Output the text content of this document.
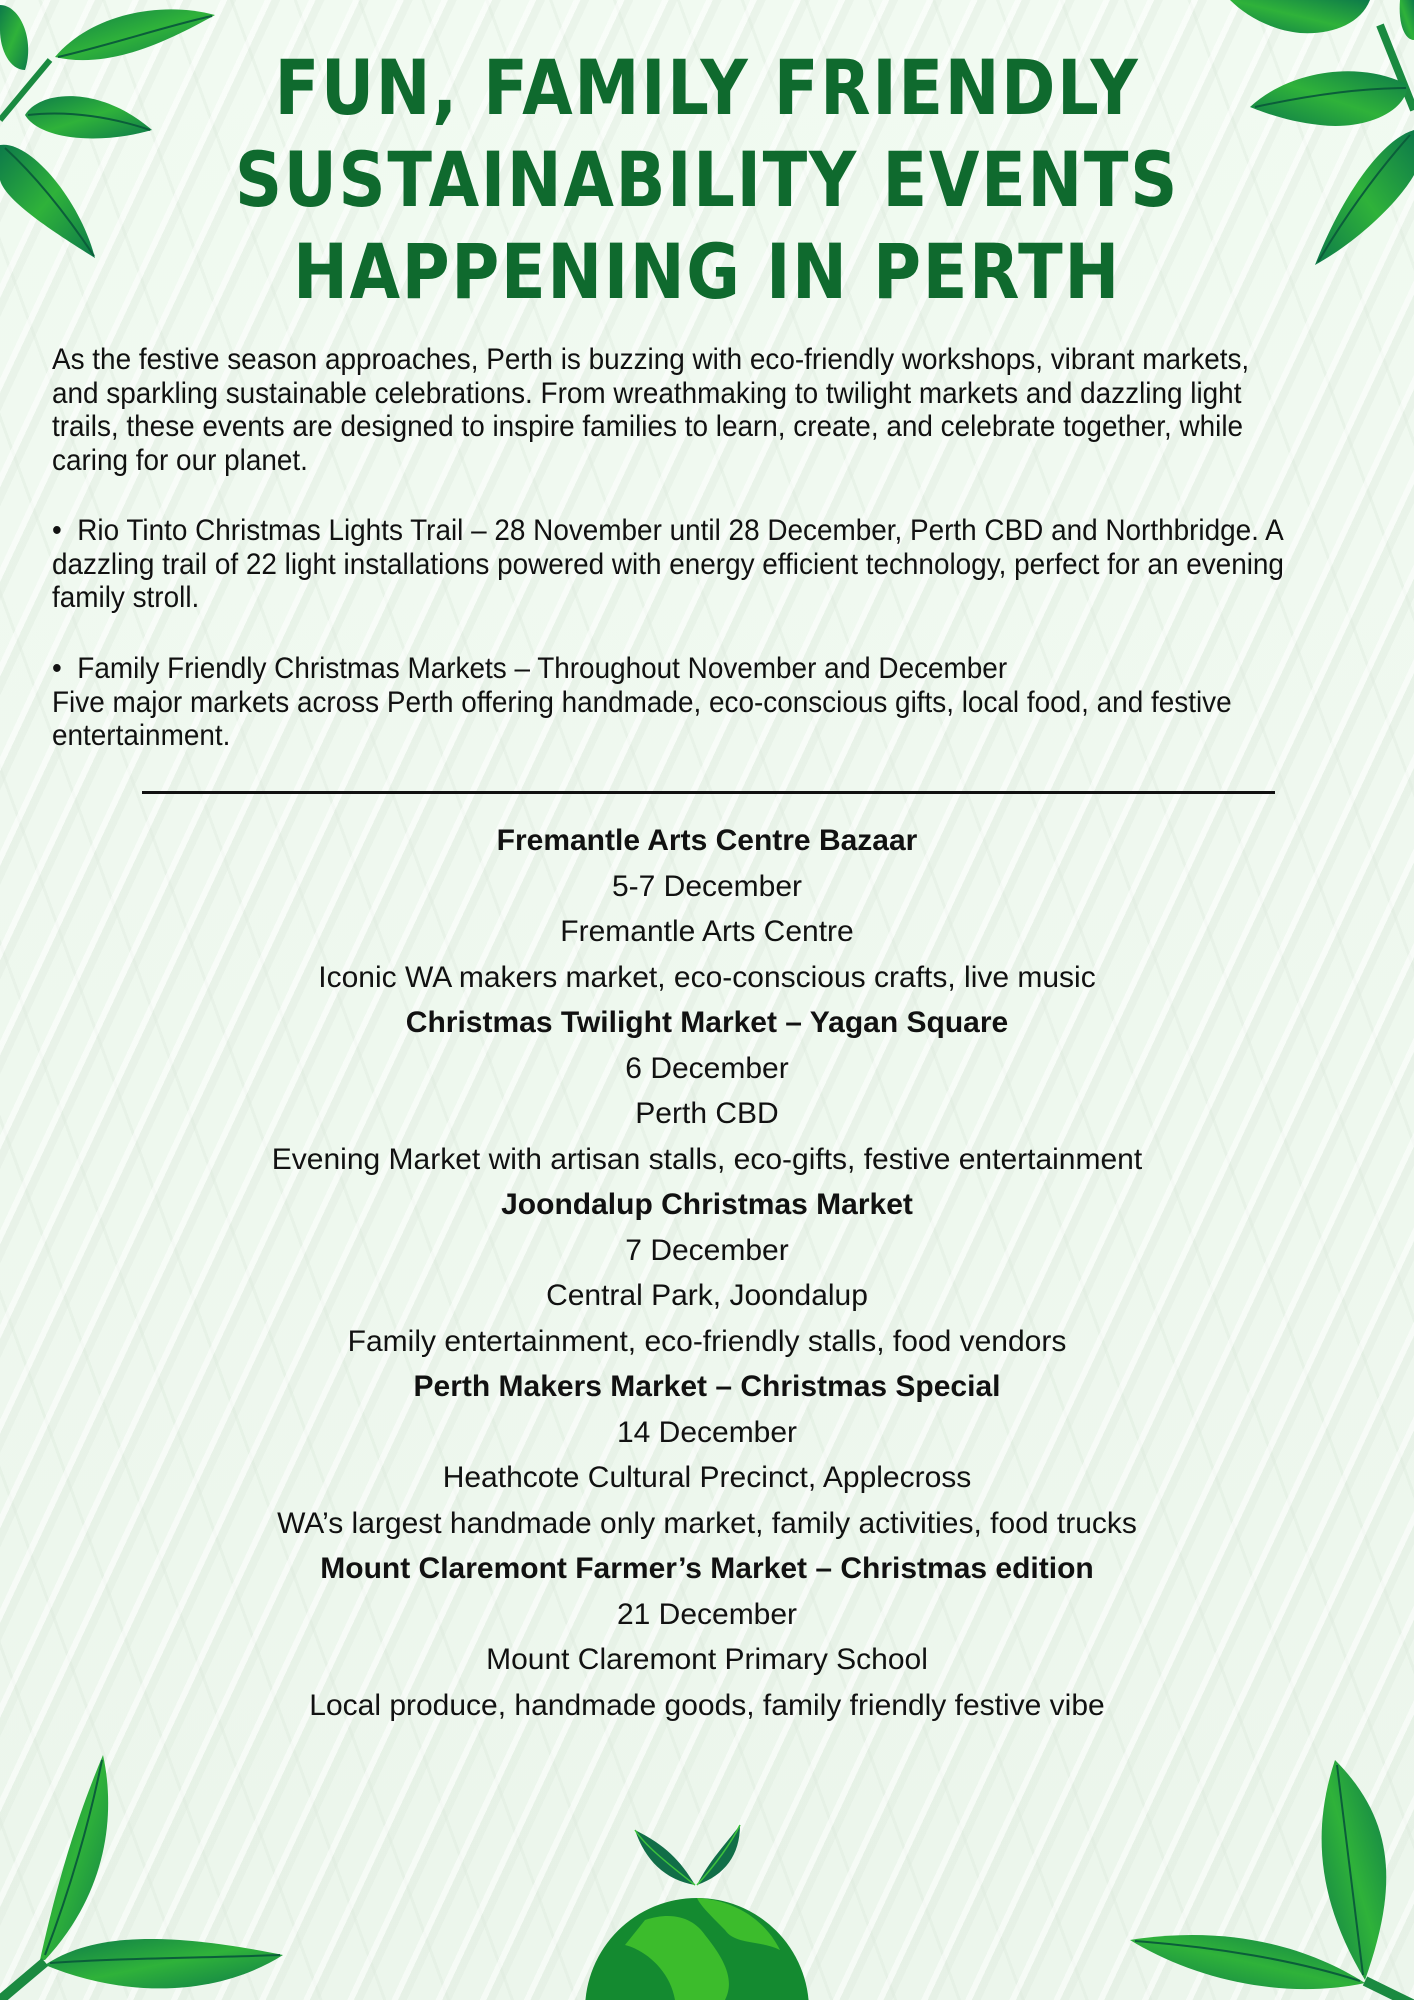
FUN, FAMILY FRIENDLY
SUSTAINABILITY EVENTS
HAPPENING IN PERTH

As the festive season approaches, Perth is buzzing with eco-friendly workshops, vibrant markets, and sparkling sustainable celebrations. From wreathmaking to twilight markets and dazzling light trails, these events are designed to inspire families to learn, create, and celebrate together, while caring for our planet.

• Rio Tinto Christmas Lights Trail – 28 November until 28 December, Perth CBD and Northbridge. A dazzling trail of 22 light installations powered with energy efficient technology, perfect for an evening family stroll.

• Family Friendly Christmas Markets – Throughout November and December
Five major markets across Perth offering handmade, eco-conscious gifts, local food, and festive entertainment.

Fremantle Arts Centre Bazaar
5-7 December
Fremantle Arts Centre
Iconic WA makers market, eco-conscious crafts, live music
Christmas Twilight Market – Yagan Square
6 December
Perth CBD
Evening Market with artisan stalls, eco-gifts, festive entertainment
Joondalup Christmas Market
7 December
Central Park, Joondalup
Family entertainment, eco-friendly stalls, food vendors
Perth Makers Market – Christmas Special
14 December
Heathcote Cultural Precinct, Applecross
WA’s largest handmade only market, family activities, food trucks
Mount Claremont Farmer’s Market – Christmas edition
21 December
Mount Claremont Primary School
Local produce, handmade goods, family friendly festive vibe
